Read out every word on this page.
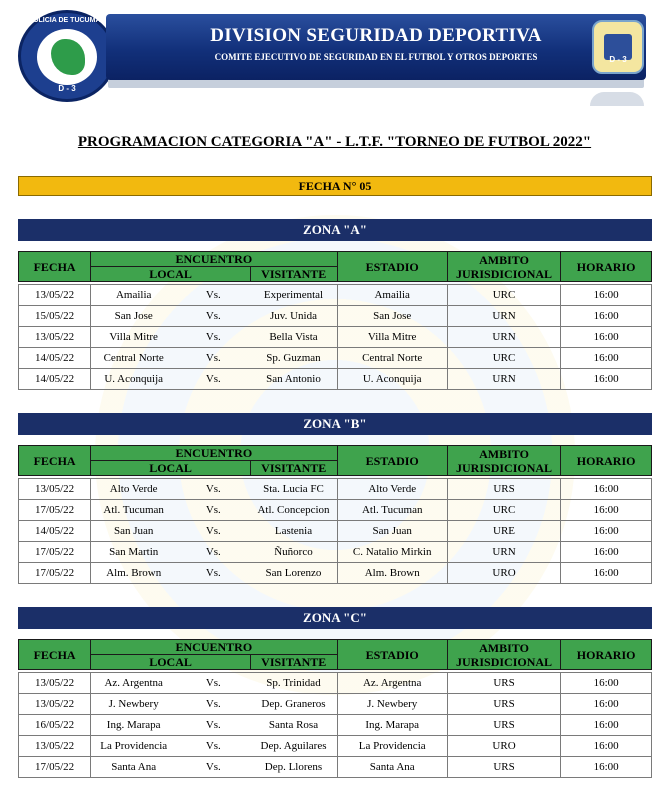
POLICIA DE TUCUMAN
D - 3
DIVISION SEGURIDAD DEPORTIVA
COMITE EJECUTIVO DE SEGURIDAD EN EL FUTBOL Y OTROS DEPORTES	D - 3
PROGRAMACION CATEGORIA "A" - L.T.F. "TORNEO DE FUTBOL 2022"
FECHA N° 05
ZONA "A"
FECHA	ENCUENTRO			ESTADIO	AMBITO JURISDICIONAL	HORARIO
	LOCAL		VISITANTE			

13/05/22	Amailia	Vs.	Experimental	Amailia	URC	16:00
15/05/22	San Jose	Vs.	Juv. Unida	San Jose	URN	16:00
13/05/22	Villa Mitre	Vs.	Bella Vista	Villa Mitre	URN	16:00
14/05/22	Central Norte	Vs.	Sp. Guzman	Central Norte	URC	16:00
14/05/22	U. Aconquija	Vs.	San Antonio	U. Aconquija	URN	16:00
ZONA "B"
FECHA	ENCUENTRO			ESTADIO	AMBITO JURISDICIONAL	HORARIO
	LOCAL		VISITANTE			

13/05/22	Alto Verde	Vs.	Sta. Lucia FC	Alto Verde	URS	16:00
17/05/22	Atl. Tucuman	Vs.	Atl. Concepcion	Atl. Tucuman	URC	16:00
14/05/22	San Juan	Vs.	Lastenia	San Juan	URE	16:00
17/05/22	San Martin	Vs.	Ñuñorco	C. Natalio Mirkin	URN	16:00
17/05/22	Alm. Brown	Vs.	San Lorenzo	Alm. Brown	URO	16:00
ZONA "C"
FECHA	ENCUENTRO			ESTADIO	AMBITO JURISDICIONAL	HORARIO
	LOCAL		VISITANTE			

13/05/22	Az. Argentna	Vs.	Sp. Trinidad	Az. Argentna	URS	16:00
13/05/22	J. Newbery	Vs.	Dep. Graneros	J. Newbery	URS	16:00
16/05/22	Ing. Marapa	Vs.	Santa Rosa	Ing. Marapa	URS	16:00
13/05/22	La Providencia	Vs.	Dep. Aguilares	La Providencia	URO	16:00
17/05/22	Santa Ana	Vs.	Dep. Llorens	Santa Ana	URS	16:00
